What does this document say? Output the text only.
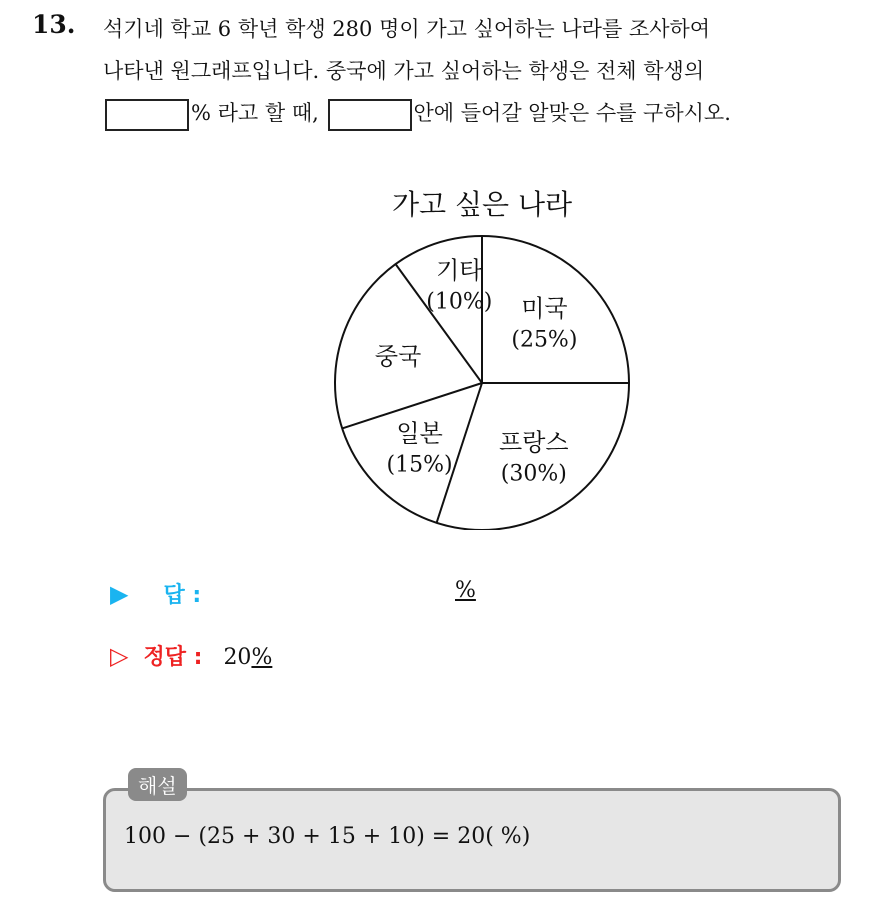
13. 석기네 학교 6 학년 학생 280 명이 가고 싶어하는 나라를 조사하여
나타낸 원그래프입니다. 중국에 가고 싶어하는 학생은 전체 학생의
% 라고 할 때,	안에 들어갈 알맞은 수를 구하시오.
가고 싶은 나라
미국
(25%)
프랑스
(30%)
일본
(15%)
중국
기타
(10%)
▶ 답 :	%
▷ 정답 : 20%
해설
100 − (25 + 30 + 15 + 10) = 20( %)
